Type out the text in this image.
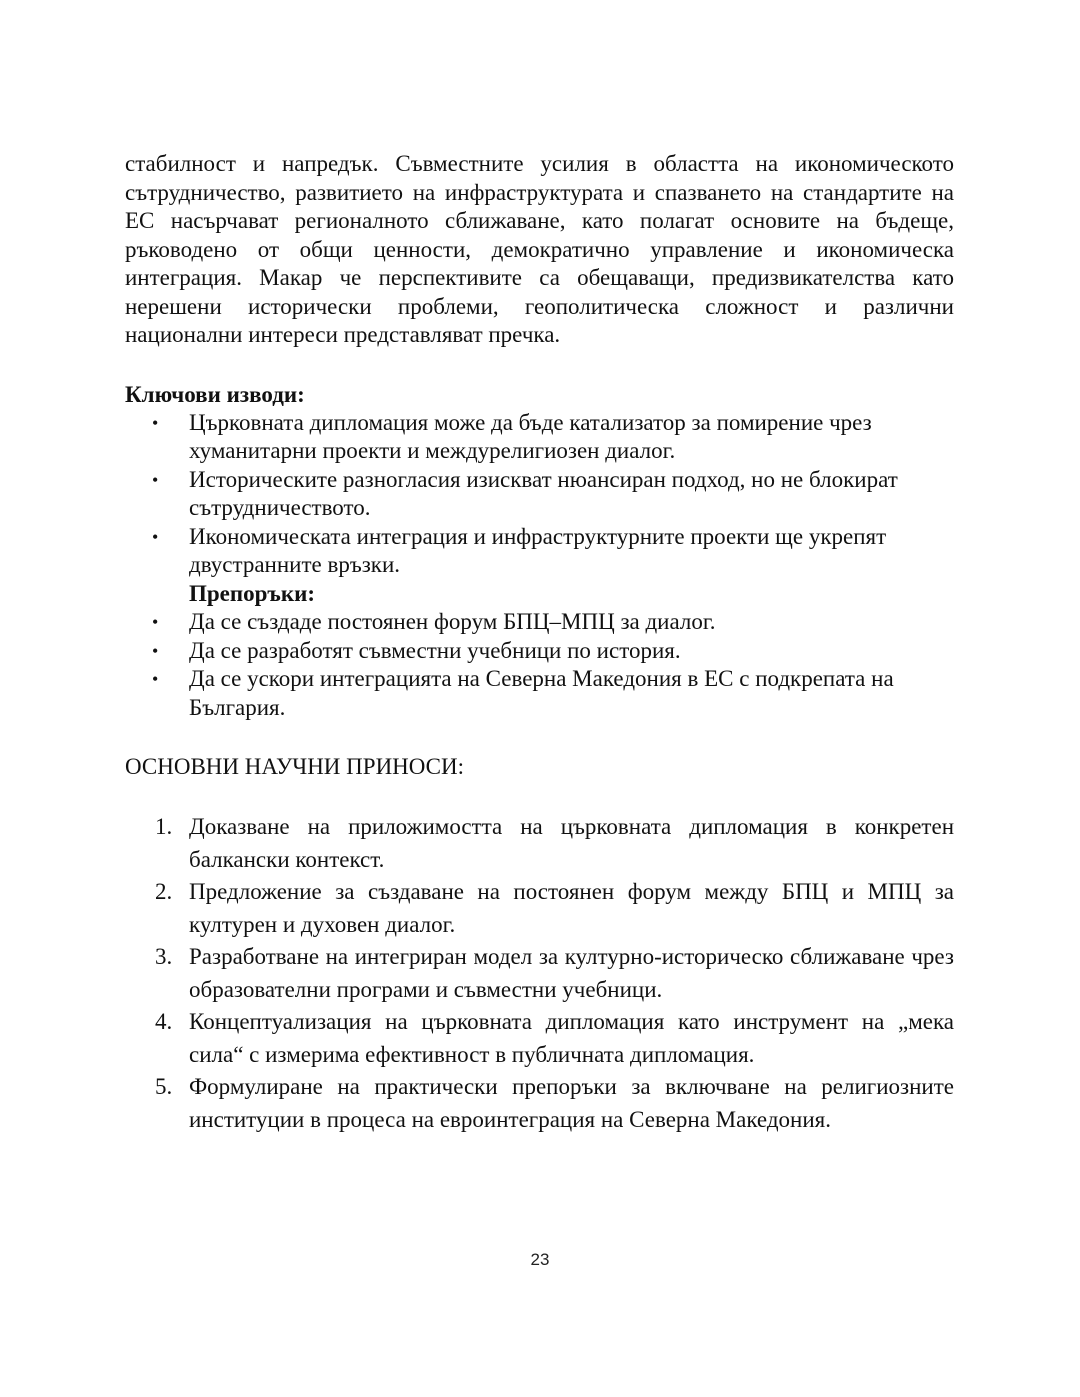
стабилност и напредък. Съвместните усилия в областта на икономическото сътрудничество, развитието на инфраструктурата и спазването на стандартите на ЕС насърчават регионалното сближаване, като полагат основите на бъдеще, ръководено от общи ценности, демократично управление и икономическа интеграция. Макар че перспективите са обещаващи, предизвикателства като нерешени исторически проблеми, геополитическа сложност и различни национални интереси представляват пречка.

Ключови изводи:
• Църковната дипломация може да бъде катализатор за помирение чрез хуманитарни проекти и междурелигиозен диалог.
• Историческите разногласия изискват нюансиран подход, но не блокират сътрудничеството.
• Икономическата интеграция и инфраструктурните проекти ще укрепят двустранните връзки.
Препоръки:
• Да се създаде постоянен форум БПЦ–МПЦ за диалог.
• Да се разработят съвместни учебници по история.
• Да се ускори интеграцията на Северна Македония в ЕС с подкрепата на България.
ОСНОВНИ НАУЧНИ ПРИНОСИ:
1. Доказване на приложимостта на църковната дипломация в конкретен балкански контекст.
2. Предложение за създаване на постоянен форум между БПЦ и МПЦ за културен и духовен диалог.
3. Разработване на интегриран модел за културно-историческо сближаване чрез образователни програми и съвместни учебници.
4. Концептуализация на църковната дипломация като инструмент на „мека сила“ с измерима ефективност в публичната дипломация.
5. Формулиране на практически препоръки за включване на религиозните институции в процеса на евроинтеграция на Северна Македония.
23
